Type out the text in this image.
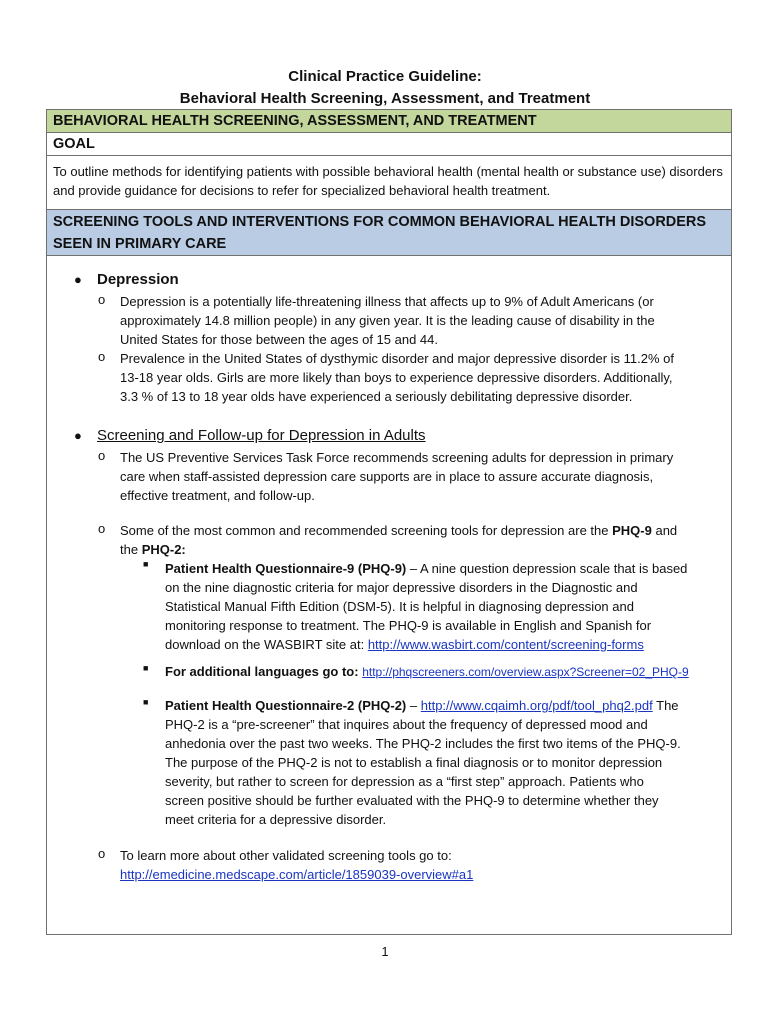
Clinical Practice Guideline:
Behavioral Health Screening, Assessment, and Treatment
BEHAVIORAL HEALTH SCREENING, ASSESSMENT, AND TREATMENT
GOAL
To outline methods for identifying patients with possible behavioral health (mental health or substance use) disorders and provide guidance for decisions to refer for specialized behavioral health treatment.
SCREENING TOOLS AND INTERVENTIONS FOR COMMON BEHAVIORAL HEALTH DISORDERS
SEEN IN PRIMARY CARE
● Depression
o Depression is a potentially life-threatening illness that affects up to 9% of Adult Americans (or
approximately 14.8 million people) in any given year. It is the leading cause of disability in the
United States for those between the ages of 15 and 44.
o Prevalence in the United States of dysthymic disorder and major depressive disorder is 11.2% of
13-18 year olds. Girls are more likely than boys to experience depressive disorders. Additionally,
3.3 % of 13 to 18 year olds have experienced a seriously debilitating depressive disorder.
● Screening and Follow-up for Depression in Adults
o The US Preventive Services Task Force recommends screening adults for depression in primary
care when staff-assisted depression care supports are in place to assure accurate diagnosis,
effective treatment, and follow-up.
o Some of the most common and recommended screening tools for depression are the PHQ-9 and
the PHQ-2:
■ Patient Health Questionnaire-9 (PHQ-9) – A nine question depression scale that is based
on the nine diagnostic criteria for major depressive disorders in the Diagnostic and
Statistical Manual Fifth Edition (DSM-5). It is helpful in diagnosing depression and
monitoring response to treatment. The PHQ-9 is available in English and Spanish for
download on the WASBIRT site at: http://www.wasbirt.com/content/screening-forms
■ For additional languages go to: http://phqscreeners.com/overview.aspx?Screener=02_PHQ-9
■ Patient Health Questionnaire-2 (PHQ-2) – http://www.cqaimh.org/pdf/tool_phq2.pdf The
PHQ-2 is a “pre-screener” that inquires about the frequency of depressed mood and
anhedonia over the past two weeks. The PHQ-2 includes the first two items of the PHQ-9.
The purpose of the PHQ-2 is not to establish a final diagnosis or to monitor depression
severity, but rather to screen for depression as a “first step” approach. Patients who
screen positive should be further evaluated with the PHQ-9 to determine whether they
meet criteria for a depressive disorder.
o To learn more about other validated screening tools go to:
http://emedicine.medscape.com/article/1859039-overview#a1
1
